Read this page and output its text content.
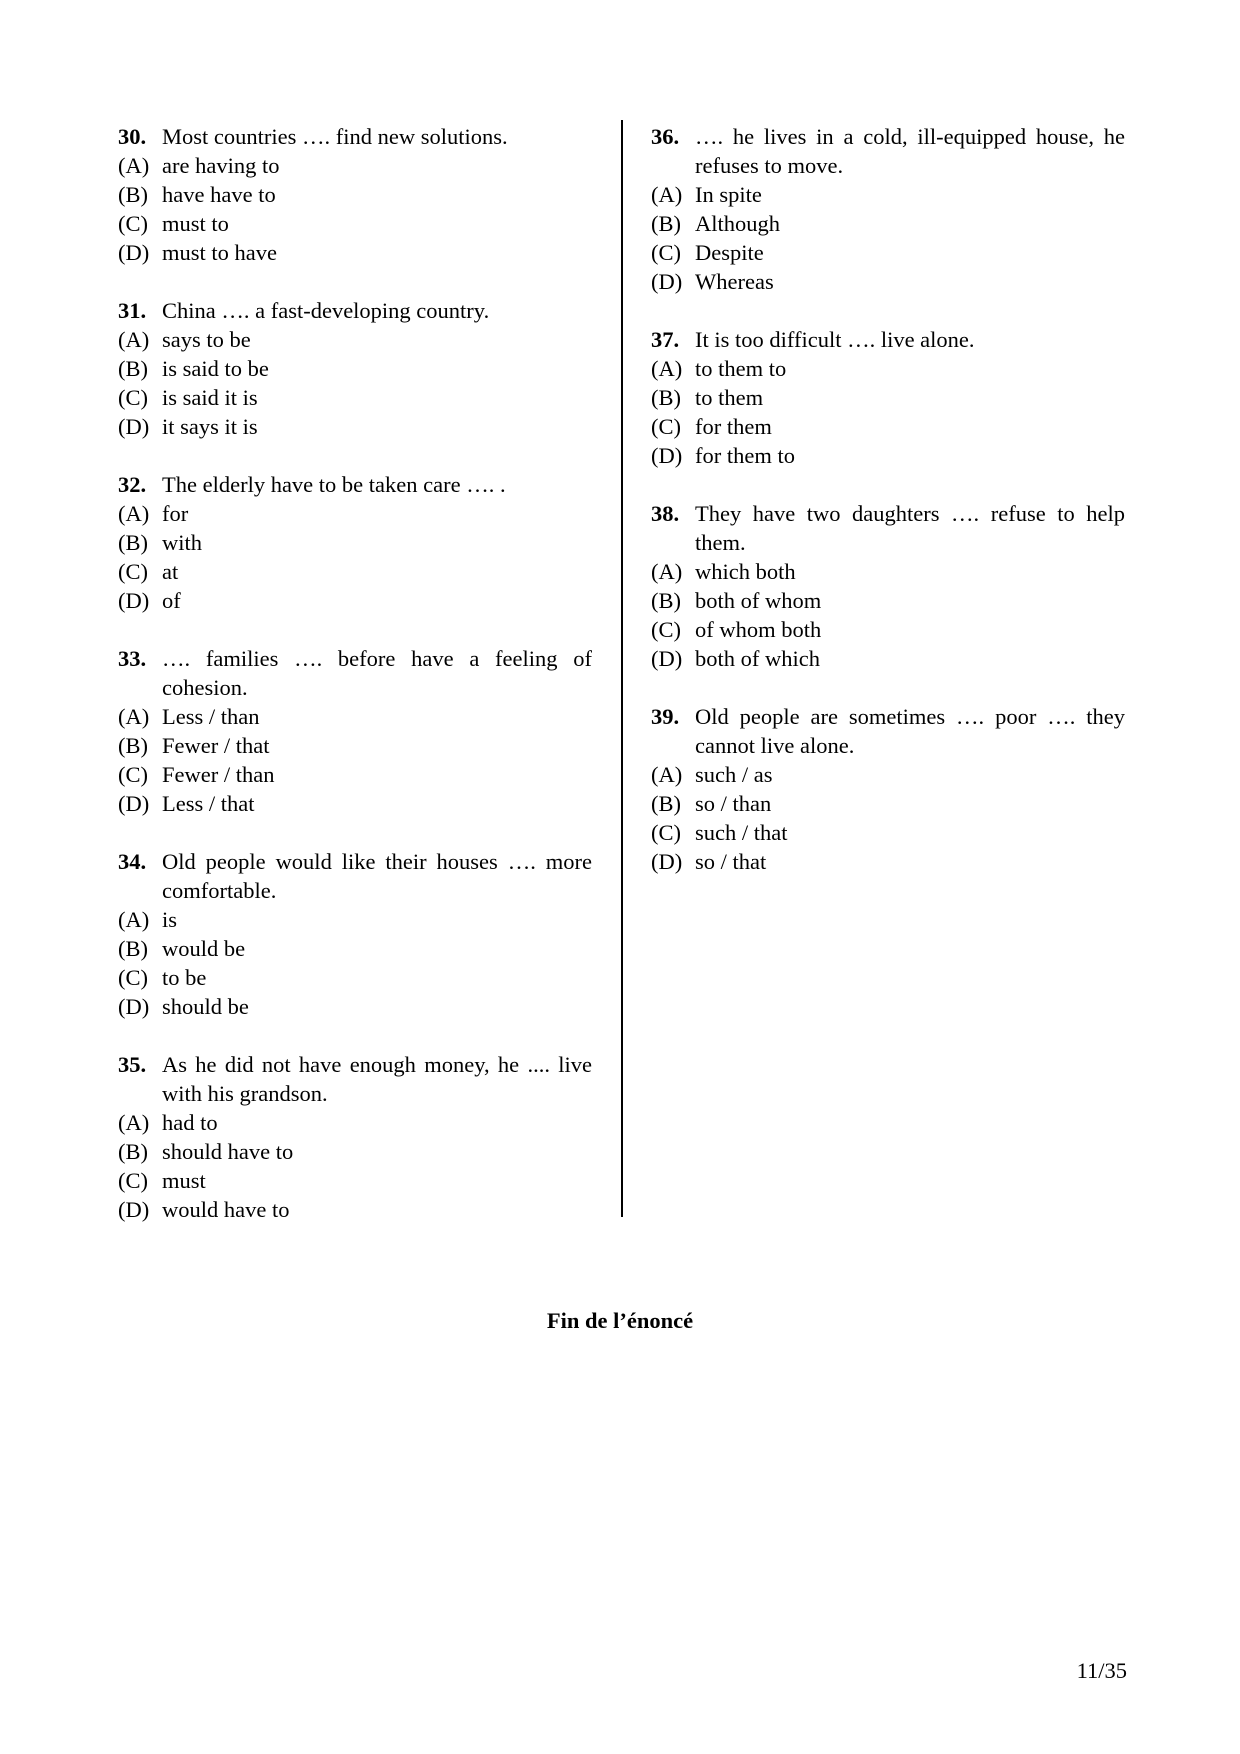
30. Most countries …. find new solutions.
(A) are having to
(B) have have to
(C) must to
(D) must to have
31. China …. a fast-developing country.
(A) says to be
(B) is said to be
(C) is said it is
(D) it says it is
32. The elderly have to be taken care …. .
(A) for
(B) with
(C) at
(D) of
33. …. families …. before have a feeling of cohesion.
(A) Less / than
(B) Fewer / that
(C) Fewer / than
(D) Less / that
34. Old people would like their houses …. more comfortable.
(A) is
(B) would be
(C) to be
(D) should be
35. As he did not have enough money, he .... live with his grandson.
(A) had to
(B) should have to
(C) must
(D) would have to
36. …. he lives in a cold, ill-equipped house, he refuses to move.
(A) In spite
(B) Although
(C) Despite
(D) Whereas
37. It is too difficult …. live alone.
(A) to them to
(B) to them
(C) for them
(D) for them to
38. They have two daughters …. refuse to help them.
(A) which both
(B) both of whom
(C) of whom both
(D) both of which
39. Old people are sometimes …. poor …. they cannot live alone.
(A) such / as
(B) so / than
(C) such / that
(D) so / that
Fin de l’énoncé
11/35
